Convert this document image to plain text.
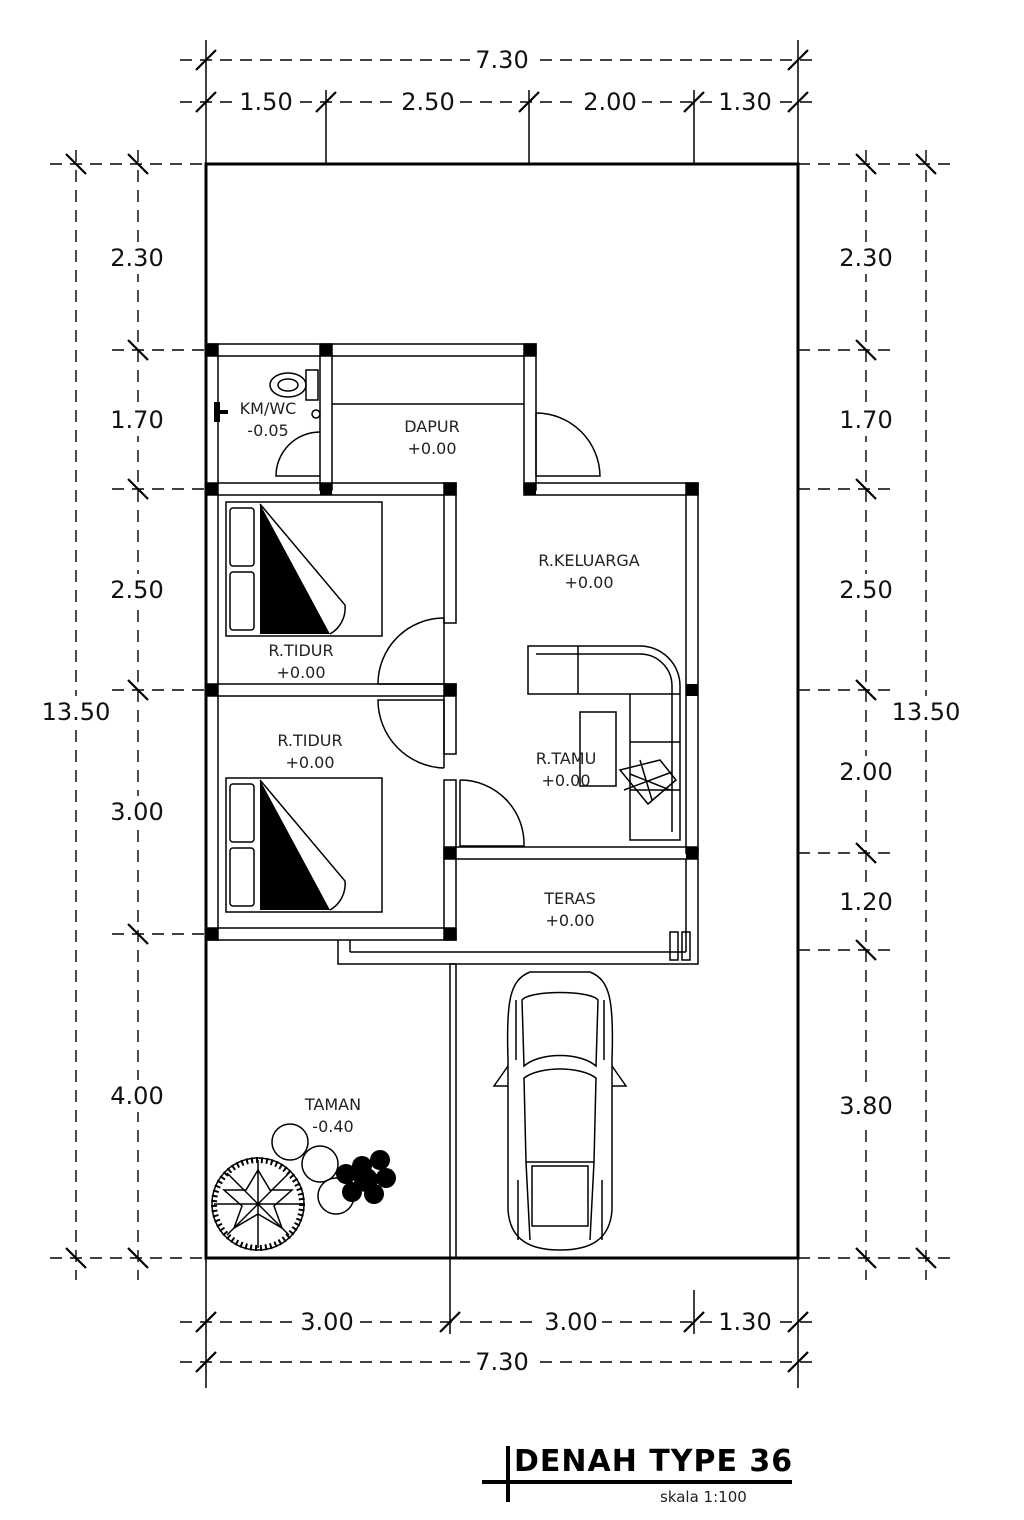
7.30
1.50	2.50	2.00	1.30
2.30
1.70
2.50
3.00
4.00
13.50
2.30
1.70
2.50
2.00
1.20
3.80
13.50
3.00	3.00	1.30
7.30
KM/WC
-0.05	DAPUR
+0.00
R.KELUARGA
+0.00
R.TIDUR
+0.00
R.TIDUR
+0.00	R.TAMU
+0.00
TERAS
+0.00
TAMAN
-0.40
DENAH TYPE 36
skala 1:100
